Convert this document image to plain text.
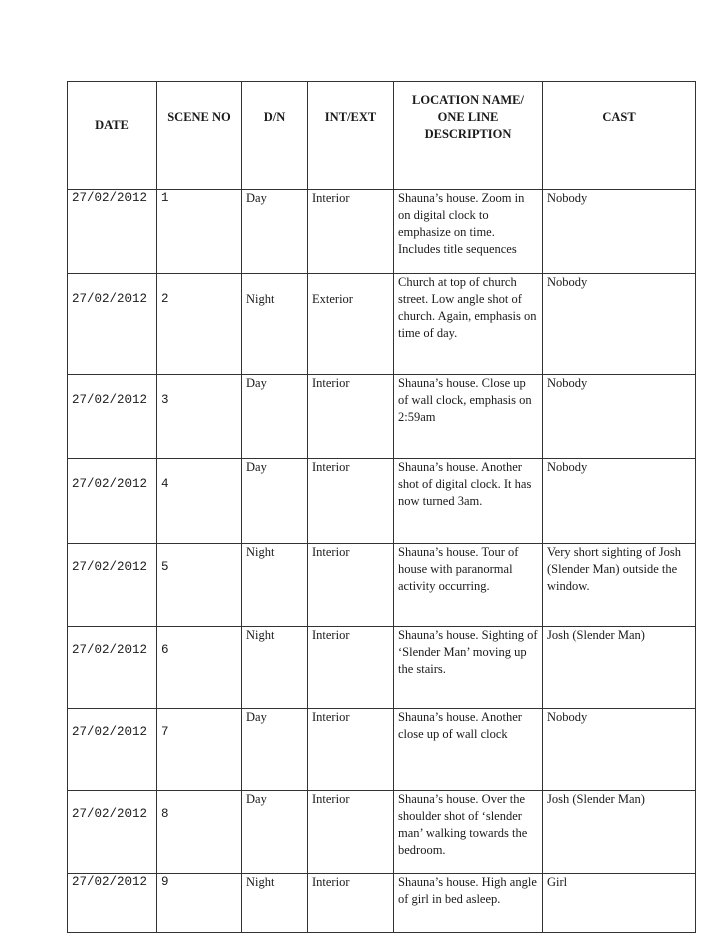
DATE	SCENE NO	D/N	INT/EXT	LOCATION NAME/
ONE LINE
DESCRIPTION	CAST
27/02/2012	1	Day	Interior	Shauna’s house. Zoom in on digital clock to emphasize on time. Includes title sequences	Nobody
27/02/2012	2	Night	Exterior	Church at top of church street. Low angle shot of church. Again, emphasis on time of day.	Nobody
27/02/2012	3	Day	Interior	Shauna’s house. Close up of wall clock, emphasis on 2:59am	Nobody
27/02/2012	4	Day	Interior	Shauna’s house. Another shot of digital clock. It has now turned 3am.	Nobody
27/02/2012	5	Night	Interior	Shauna’s house. Tour of house with paranormal activity occurring.	Very short sighting of Josh (Slender Man) outside the window.
27/02/2012	6	Night	Interior	Shauna’s house. Sighting of ‘Slender Man’ moving up the stairs.	Josh (Slender Man)
27/02/2012	7	Day	Interior	Shauna’s house. Another close up of wall clock	Nobody
27/02/2012	8	Day	Interior	Shauna’s house. Over the shoulder shot of ‘slender man’ walking towards the bedroom.	Josh (Slender Man)
27/02/2012	9	Night	Interior	Shauna’s house. High angle of girl in bed asleep.	Girl
